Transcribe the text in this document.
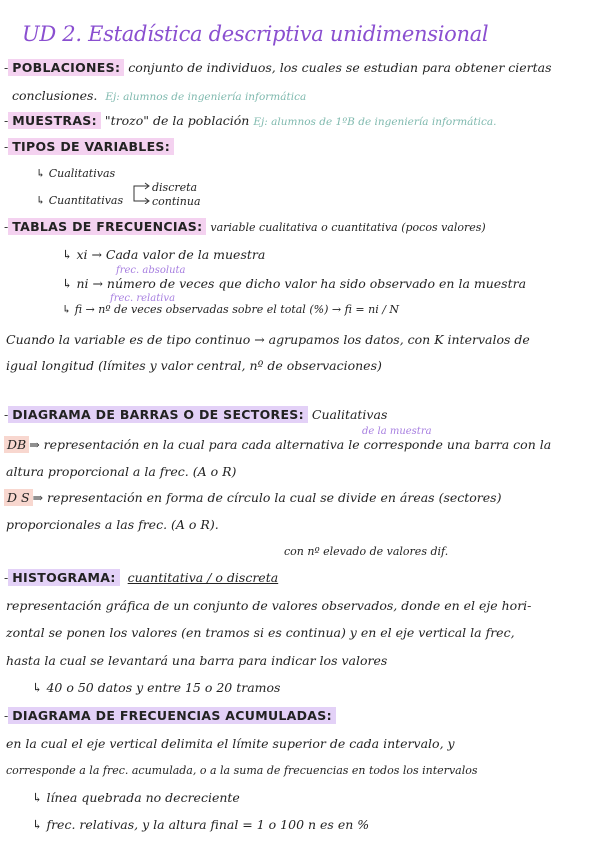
UD 2. Estadística descriptiva unidimensional
- POBLACIONES: conjunto de individuos, los cuales se estudian para obtener ciertas
conclusiones. Ej: alumnos de ingeniería informática
- MUESTRAS: "trozo" de la población Ej: alumnos de 1ºB de ingeniería informática.
- TIPOS DE VARIABLES:
↳ Cualitativas
↳ Cuantitativas
discreta
continua
- TABLAS DE FRECUENCIAS: variable cualitativa o cuantitativa (pocos valores)
↳ xi → Cada valor de la muestra
frec. absoluta
↳ ni → número de veces que dicho valor ha sido observado en la muestra
frec. relativa
↳ fi → nº de veces observadas sobre el total (%) → fi = ni / N
Cuando la variable es de tipo continuo → agrupamos los datos, con K intervalos de
igual longitud (límites y valor central, nº de observaciones)
- DIAGRAMA DE BARRAS O DE SECTORES: Cualitativas
de la muestra
DB ⇒ representación en la cual para cada alternativa le corresponde una barra con la
altura proporcional a la frec. (A o R)
D S ⇒ representación en forma de círculo la cual se divide en áreas (sectores)
proporcionales a las frec. (A o R).
con nº elevado de valores dif.
- HISTOGRAMA: cuantitativa / o discreta
representación gráfica de un conjunto de valores observados, donde en el eje hori-
zontal se ponen los valores (en tramos si es continua) y en el eje vertical la frec,
hasta la cual se levantará una barra para indicar los valores
↳ 40 o 50 datos y entre 15 o 20 tramos
- DIAGRAMA DE FRECUENCIAS ACUMULADAS:
en la cual el eje vertical delimita el límite superior de cada intervalo, y
corresponde a la frec. acumulada, o a la suma de frecuencias en todos los intervalos
↳ línea quebrada no decreciente
↳ frec. relativas, y la altura final = 1 o 100 n es en %
